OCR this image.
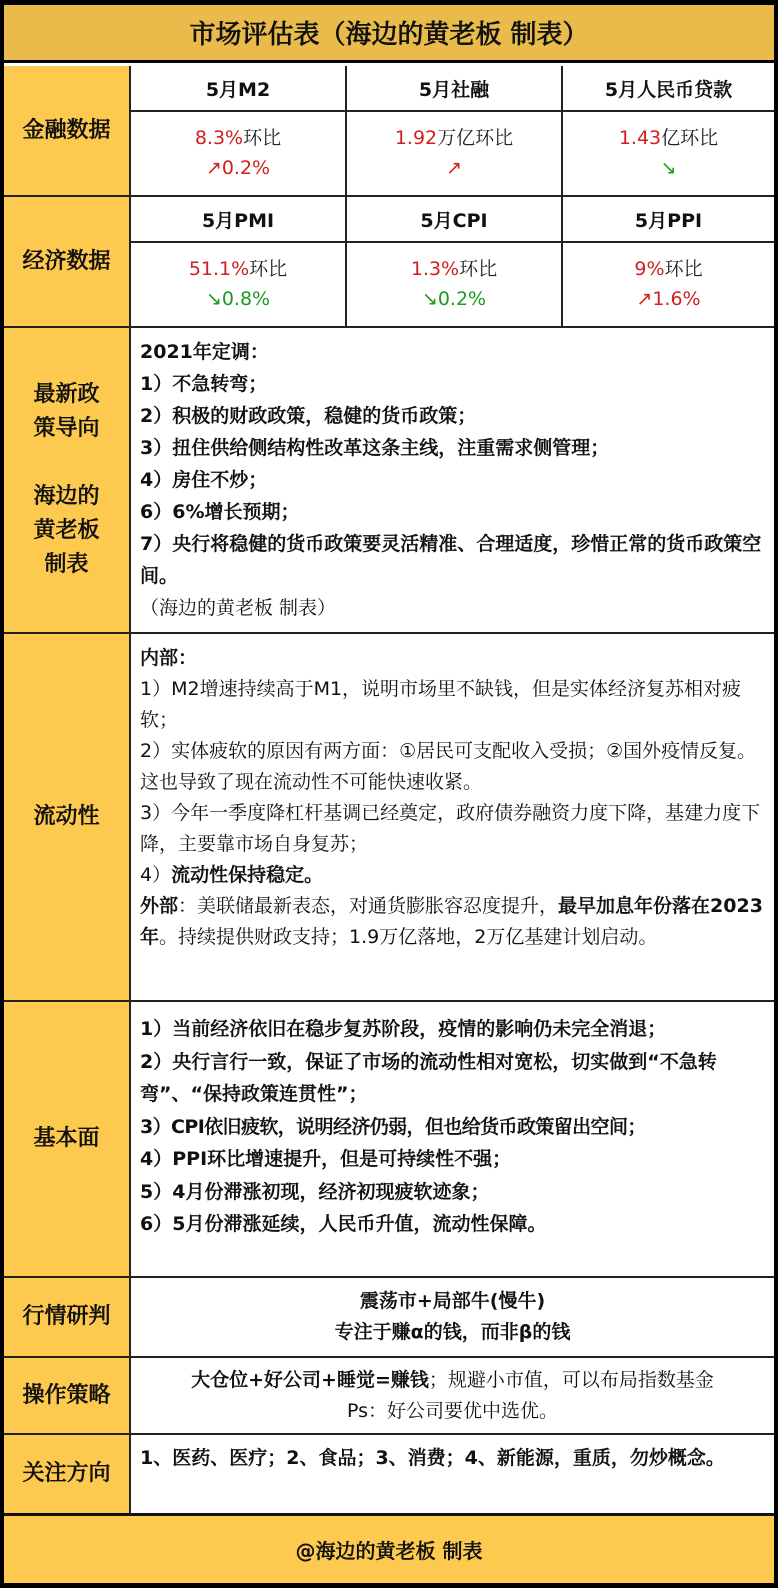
市场评估表（海边的黄老板 制表）
金融数据
5月M2
8.3%环比
↗0.2%
5月社融
1.92万亿环比
↗
5月人民币贷款
1.43亿环比
↘
经济数据
5月PMI
51.1%环比
↘0.8%
5月CPI
1.3%环比
↘0.2%
5月PPI
9%环比
↗1.6%
最新政
策导向
海边的
黄老板
制表
2021年定调：
1）不急转弯；
2）积极的财政政策，稳健的货币政策；
3）扭住供给侧结构性改革这条主线，注重需求侧管理；
4）房住不炒；
6）6%增长预期；
7）央行将稳健的货币政策要灵活精准、合理适度，珍惜正常的货币政策空间。
（海边的黄老板 制表）
流动性
内部：
1）M2增速持续高于M1，说明市场里不缺钱，但是实体经济复苏相对疲软；
2）实体疲软的原因有两方面：①居民可支配收入受损；②国外疫情反复。这也导致了现在流动性不可能快速收紧。
3）今年一季度降杠杆基调已经奠定，政府债券融资力度下降，基建力度下降，主要靠市场自身复苏；
4）流动性保持稳定。
外部：美联储最新表态，对通货膨胀容忍度提升，最早加息年份落在2023年。持续提供财政支持；1.9万亿落地，2万亿基建计划启动。
基本面
1）当前经济依旧在稳步复苏阶段，疫情的影响仍未完全消退；
2）央行言行一致，保证了市场的流动性相对宽松，切实做到“不急转弯”、“保持政策连贯性”；
3）CPI依旧疲软，说明经济仍弱，但也给货币政策留出空间；
4）PPI环比增速提升，但是可持续性不强；
5）4月份滞涨初现，经济初现疲软迹象；
6）5月份滞涨延续，人民币升值，流动性保障。
行情研判
震荡市+局部牛(慢牛)
专注于赚α的钱，而非β的钱
操作策略
大仓位+好公司+睡觉=赚钱；规避小市值，可以布局指数基金
Ps：好公司要优中选优。
关注方向
1、医药、医疗；2、食品；3、消费；4、新能源，重质，勿炒概念。
@海边的黄老板 制表
